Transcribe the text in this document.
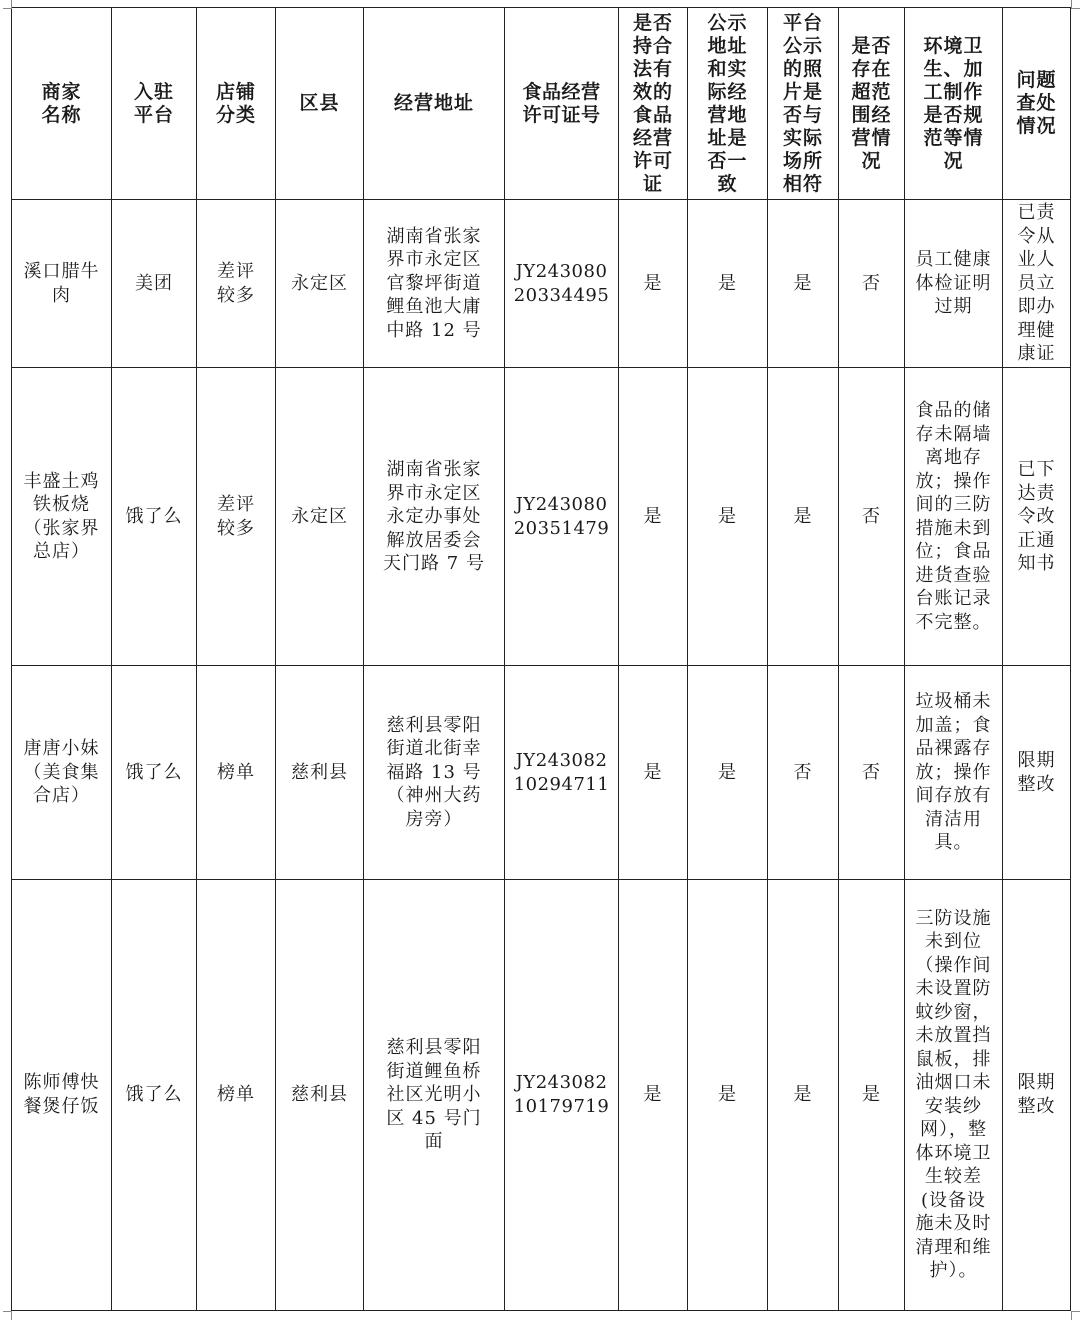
商家名称	入驻平台	店铺分类	区县	经营地址	食品经营许可证号	是否持合法有效的食品经营许可证	公示地址和实际经营地址是否一致	平台公示的照片是否与实际场所相符	是否存在超范围经营情况	环境卫生、加工制作是否规范等情况	问题查处情况

溪口腊牛肉	美团	差评较多	永定区	湖南省张家界市永定区官黎坪街道鲤鱼池大庸中路 12 号	JY24308020334495	是	是	是	否	员工健康体检证明过期	已责令从业人员立即办理健康证

丰盛土鸡铁板烧（张家界总店）	饿了么	差评较多	永定区	湖南省张家界市永定区永定办事处解放居委会天门路 7 号	JY24308020351479	是	是	是	否	食品的储存未隔墙离地存放；操作间的三防措施未到位；食品进货查验台账记录不完整。	已下达责令改正通知书

唐唐小妹（美食集合店）	饿了么	榜单	慈利县	慈利县零阳街道北街幸福路 13 号（神州大药房旁）	JY24308210294711	是	是	否	否	垃圾桶未加盖；食品裸露存放；操作间存放有清洁用具。	限期整改

陈师傅快餐煲仔饭	饿了么	榜单	慈利县	慈利县零阳街道鲤鱼桥社区光明小区 45 号门面	JY24308210179719	是	是	是	是	三防设施未到位（操作间未设置防蚊纱窗，未放置挡鼠板，排油烟口未安装纱网），整体环境卫生较差(设备设施未及时清理和维护）。	限期整改
